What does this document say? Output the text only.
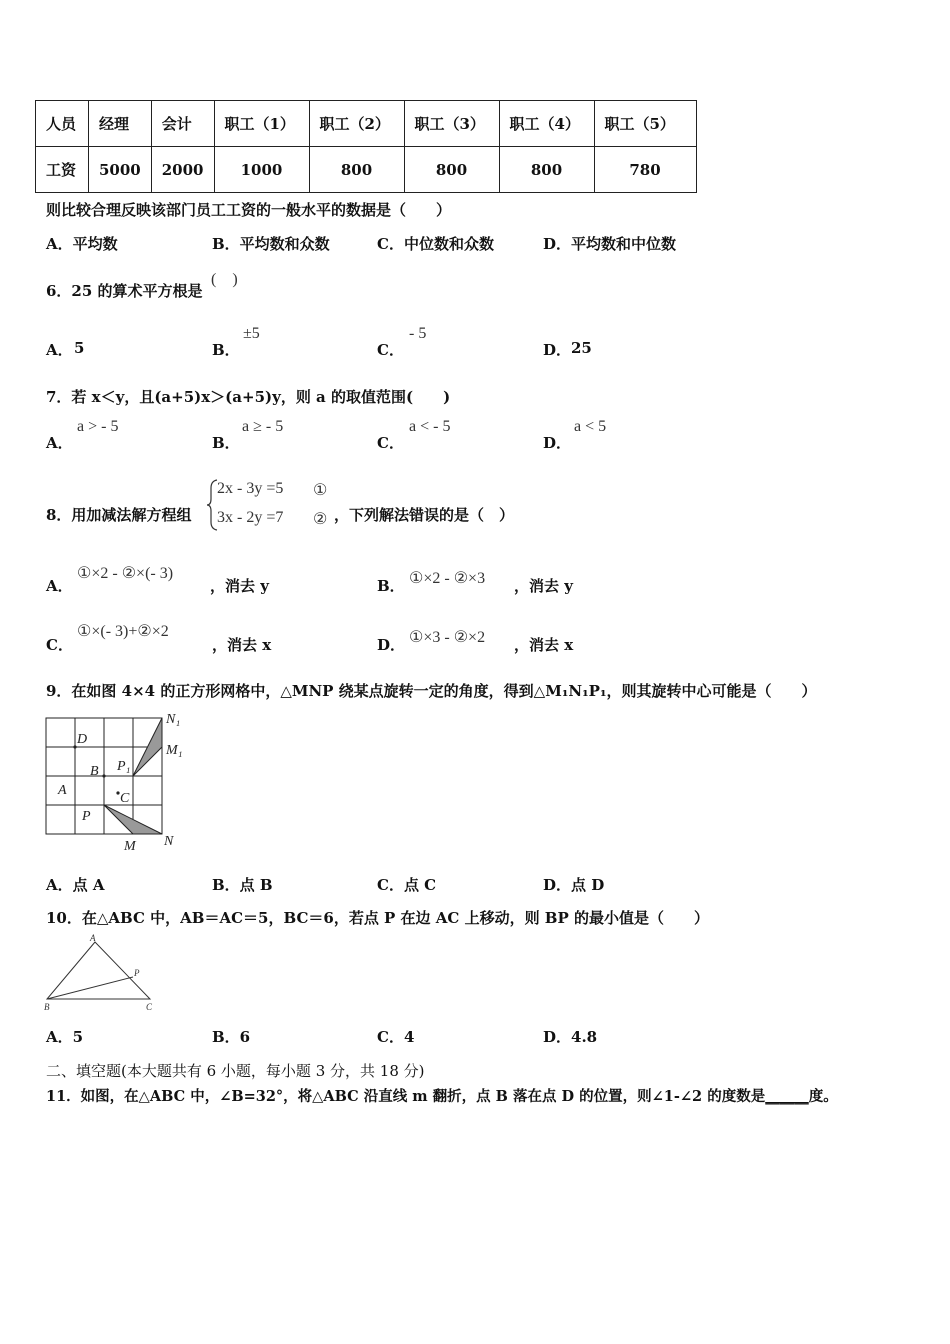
人员	经理	会计	职工（1）	职工（2）	职工（3）	职工（4）	职工（5）
工资	5000	2000	1000	800	800	800	780
则比较合理反映该部门员工工资的一般水平的数据是（　　）
A．平均数	B．平均数和众数	C．中位数和众数	D．平均数和中位数
6．25 的算术平方根是
(　)
A． 5	B．
±5
C．
- 5
D． 25
7．若 x＜y，且(a+5)x＞(a+5)y，则 a 的取值范围(　　)
A．
a > - 5
B．
a ≥ - 5
C．
a < - 5
D．
a < 5
8．用加减法解方程组
2x - 3y =5 ①
3x - 2y =7 ② ，下列解法错误的是（　）
A．
①×2 - ②×(- 3)
，消去 y	B． ①×2 - ②×3 ，消去 y
C．
①×(- 3)+②×2
，消去 x	D． ①×3 - ②×2 ，消去 x
9．在如图 4×4 的正方形网格中，△MNP 绕某点旋转一定的角度，得到△M₁N₁P₁，则其旋转中心可能是（　　）
D
B
A
C
P
M N
P₁
M₁
N₁
A．点 A	B．点 B	C．点 C	D．点 D
10．在△ABC 中，AB＝AC＝5，BC＝6，若点 P 在边 AC 上移动，则 BP 的最小值是（　　）
A
B	C
P
A．5	B．6	C．4	D．4.8
二、填空题(本大题共有 6 小题，每小题 3 分，共 18 分)
11．如图，在△ABC 中，∠B=32°，将△ABC 沿直线 m 翻折，点 B 落在点 D 的位置，则∠1-∠2 的度数是______度。
